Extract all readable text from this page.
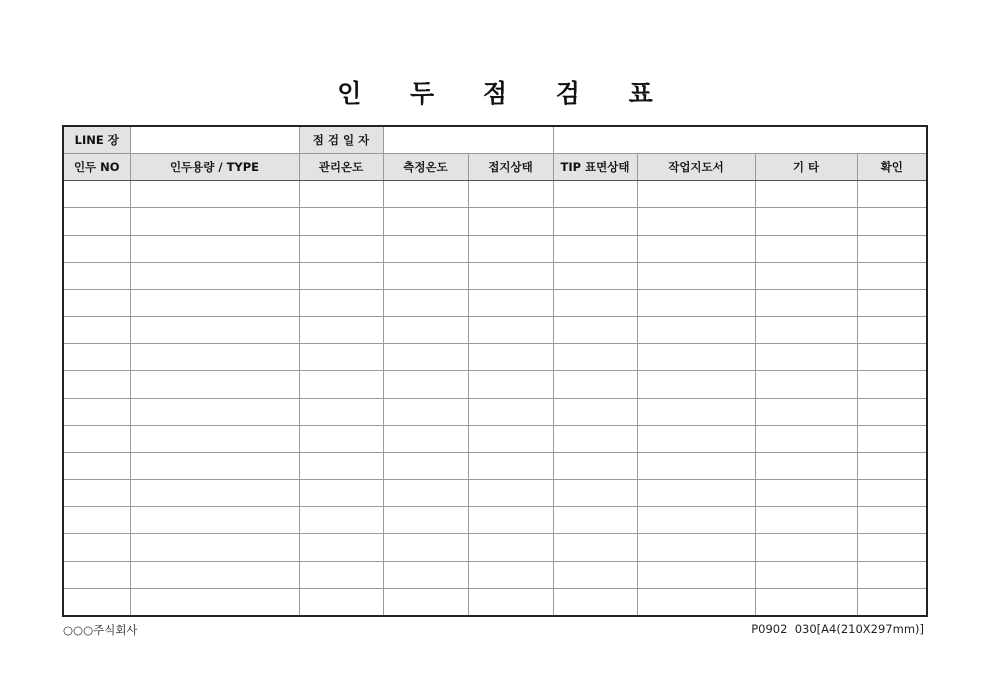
인 두 점 검 표
LINE 장		점 검 일 자						
인두 NO	인두용량 / TYPE	관리온도	측정온도	접지상태	TIP 표면상태	작업지도서	기 타	확인

○○○주식회사	P0902  030[A4(210X297mm)]
